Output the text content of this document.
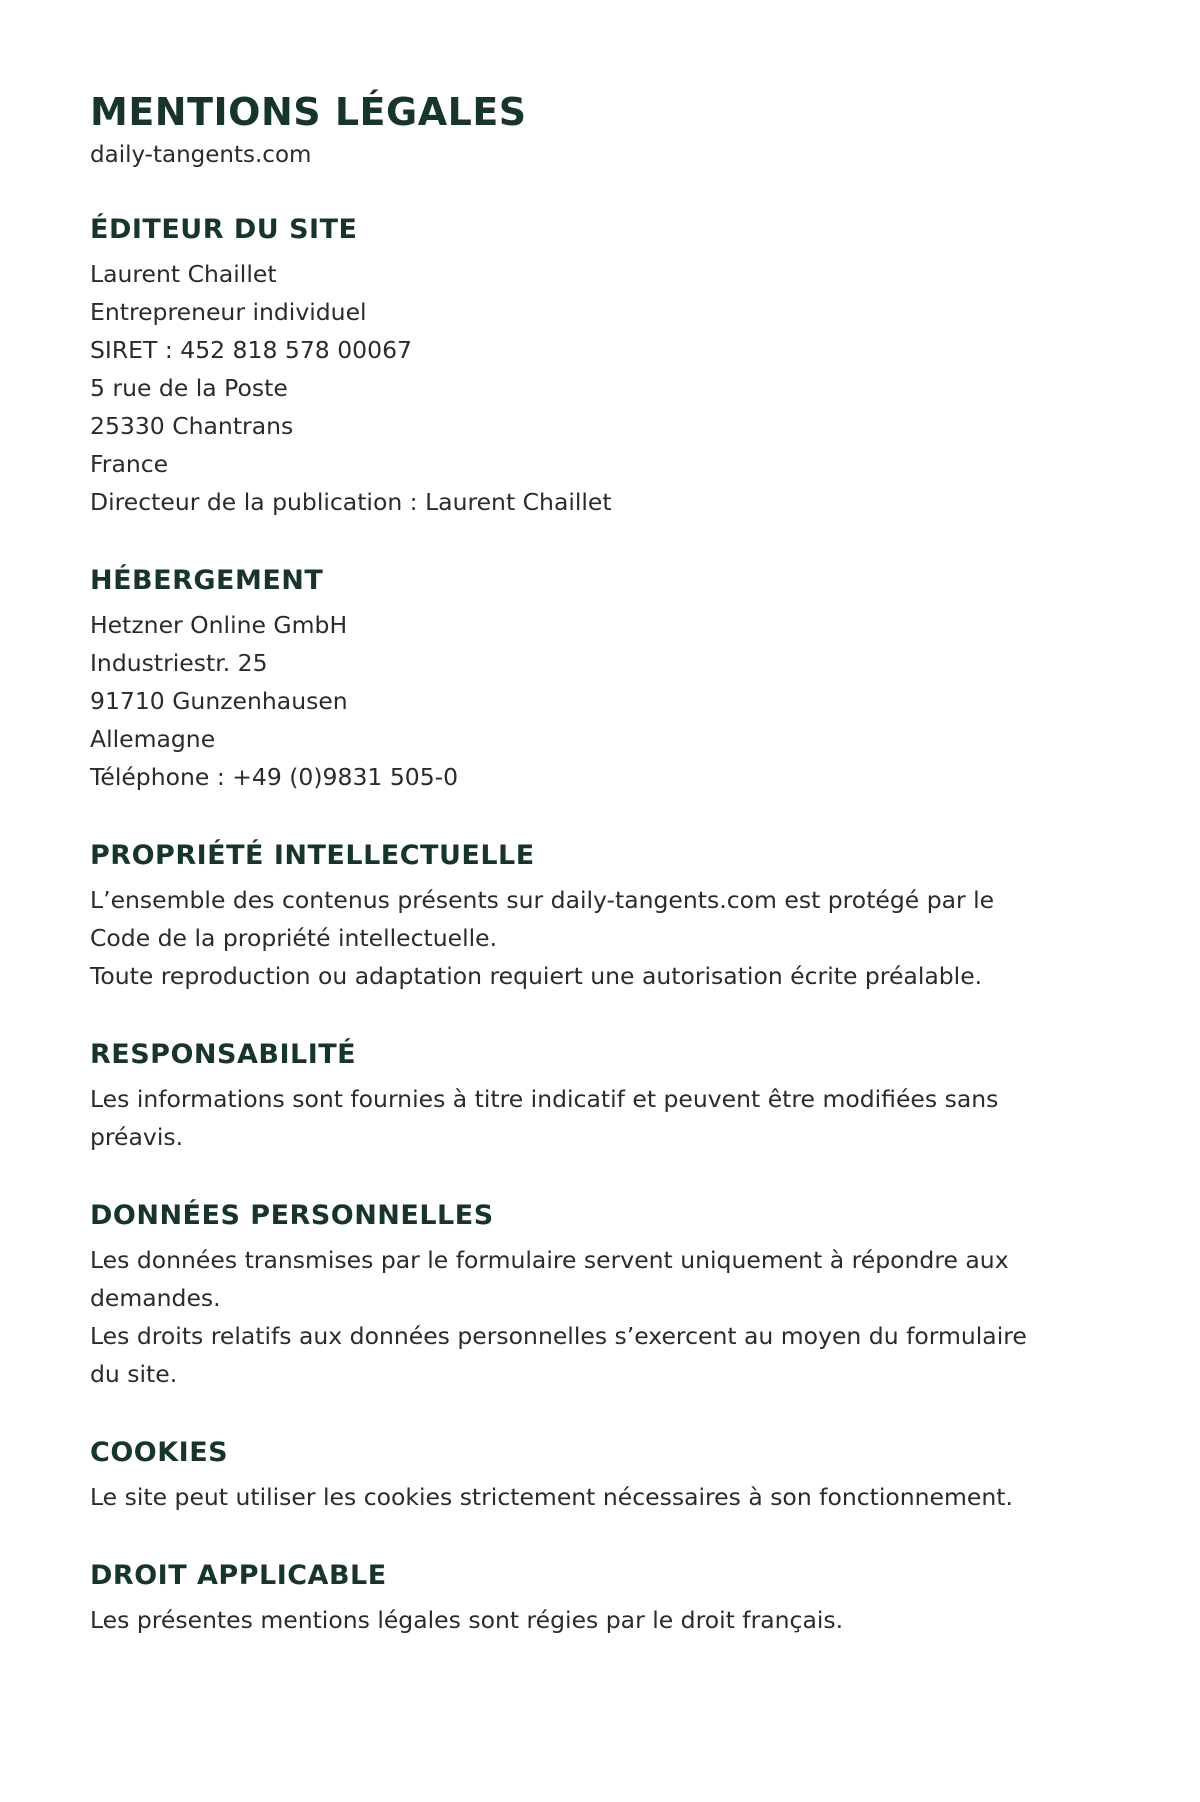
MENTIONS LÉGALES

daily-tangents.com

ÉDITEUR DU SITE

Laurent Chaillet

Entrepreneur individuel

SIRET : 452 818 578 00067

5 rue de la Poste

25330 Chantrans

France

Directeur de la publication : Laurent Chaillet

HÉBERGEMENT

Hetzner Online GmbH

Industriestr. 25

91710 Gunzenhausen

Allemagne

Téléphone : +49 (0)9831 505-0

PROPRIÉTÉ INTELLECTUELLE

L’ensemble des contenus présents sur daily-tangents.com est protégé par le Code de la propriété intellectuelle.

Toute reproduction ou adaptation requiert une autorisation écrite préalable.

RESPONSABILITÉ

Les informations sont fournies à titre indicatif et peuvent être modifiées sans préavis.

DONNÉES PERSONNELLES

Les données transmises par le formulaire servent uniquement à répondre aux demandes.

Les droits relatifs aux données personnelles s’exercent au moyen du formulaire du site.

COOKIES

Le site peut utiliser les cookies strictement nécessaires à son fonctionnement.

DROIT APPLICABLE

Les présentes mentions légales sont régies par le droit français.
